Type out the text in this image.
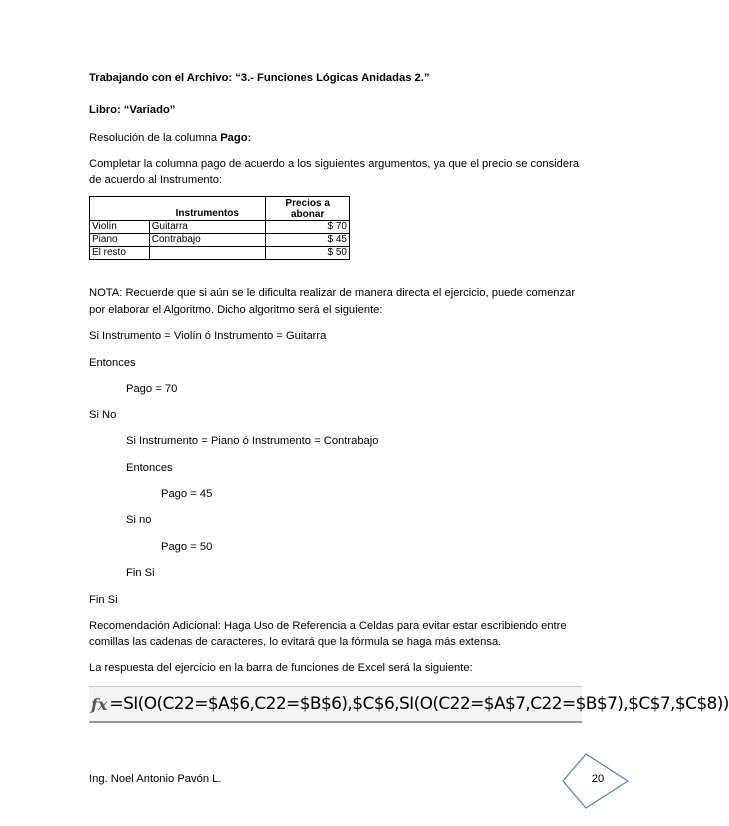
Trabajando con el Archivo: “3.- Funciones Lógicas Anidadas 2.”
Libro: “Variado”
Resolución de la columna Pago:
Completar la columna pago de acuerdo a los siguientes argumentos, ya que el precio se considera
de acuerdo al Instrumento:
	Instrumentos	Precios a
abonar
Violín	Guitarra	$ 70
Piano	Contrabajo	$ 45
El resto		$ 50
NOTA: Recuerde que si aún se le dificulta realizar de manera directa el ejercicio, puede comenzar
por elaborar el Algoritmo. Dicho algoritmo será el siguiente:
Si Instrumento = Violín ó Instrumento = Guitarra
Entonces
Pago = 70
Si No
Si Instrumento = Piano ó Instrumento = Contrabajo
Entonces
Pago = 45
Si no
Pago = 50
Fin Si
Fin Si
Recomendación Adicional: Haga Uso de Referencia a Celdas para evitar estar escribiendo entre
comillas las cadenas de caracteres, lo evitará que la fórmula se haga más extensa.
La respuesta del ejercicio en la barra de funciones de Excel será la siguiente:
fx =SI(O(C22=$A$6,C22=$B$6),$C$6,SI(O(C22=$A$7,C22=$B$7),$C$7,$C$8))
Ing. Noel Antonio Pavón L.	20
